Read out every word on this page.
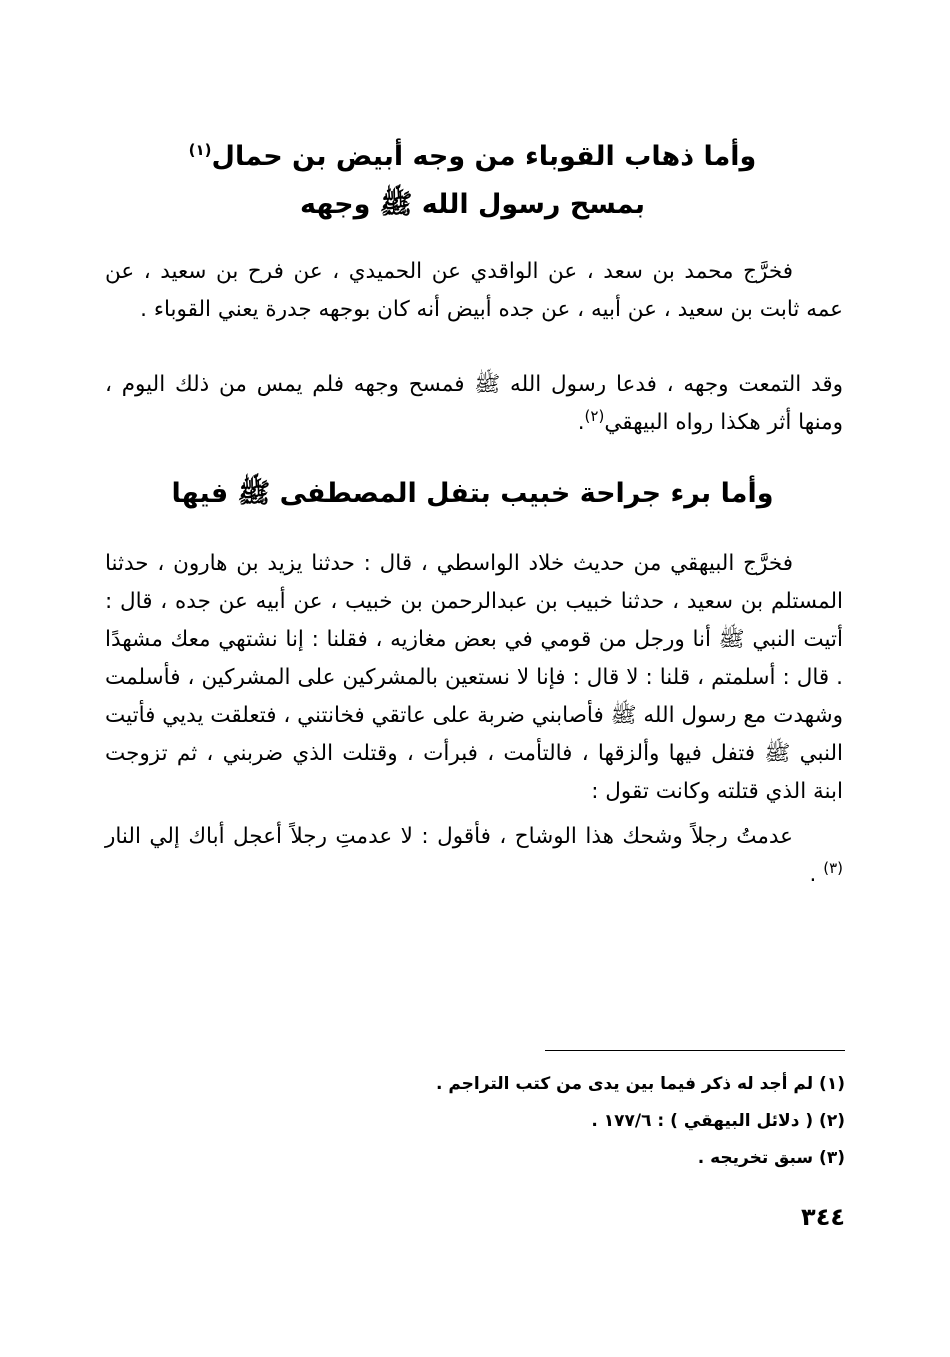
وأما ذهاب القوباء من وجه أبيض بن حمال$^{(١)}$
بمسح رسول الله ﷺ وجهه

فخرَّج محمد بن سعد ، عن الواقدي عن الحميدي ، عن فرح بن سعيد ، عن عمه ثابت بن سعيد ، عن أبيه ، عن جده أبيض أنه كان بوجهه جدرة يعني القوباء .

وقد التمعت وجهه ، فدعا رسول الله ﷺ فمسح وجهه فلم يمس من ذلك اليوم ، ومنها أثر هكذا رواه البيهقي$^{(٢)}$.

وأما برء جراحة خبيب بتفل المصطفى ﷺ فيها

فخرَّج البيهقي من حديث خلاد الواسطي ، قال : حدثنا يزيد بن هارون ، حدثنا المستلم بن سعيد ، حدثنا خبيب بن عبدالرحمن بن خبيب ، عن أبيه عن جده ، قال : أتيت النبي ﷺ أنا ورجل من قومي في بعض مغازيه ، فقلنا : إنا نشتهي معك مشهدًا . قال : أسلمتم ، قلنا : لا قال : فإنا لا نستعين بالمشركين على المشركين ، فأسلمت وشهدت مع رسول الله ﷺ فأصابني ضربة على عاتقي فخانتني ، فتعلقت يديي فأتيت النبي ﷺ فتفل فيها وألزقها ، فالتأمت ، فبرأت ، وقتلت الذي ضربني ، ثم تزوجت ابنة الذي قتلته وكانت تقول :

عدمتُ رجلاً وشحك هذا الوشاح ، فأقول : لا عدمتِ رجلاً أعجل أباك إلي النار $^{(٣)}$ .

(١) لم أجد له ذكر فيما بين يدى من كتب التراجم .
(٢) ( دلائل البيهقي ) : ١٧٧/٦ .
(٣) سبق تخريجه .
٣٤٤
